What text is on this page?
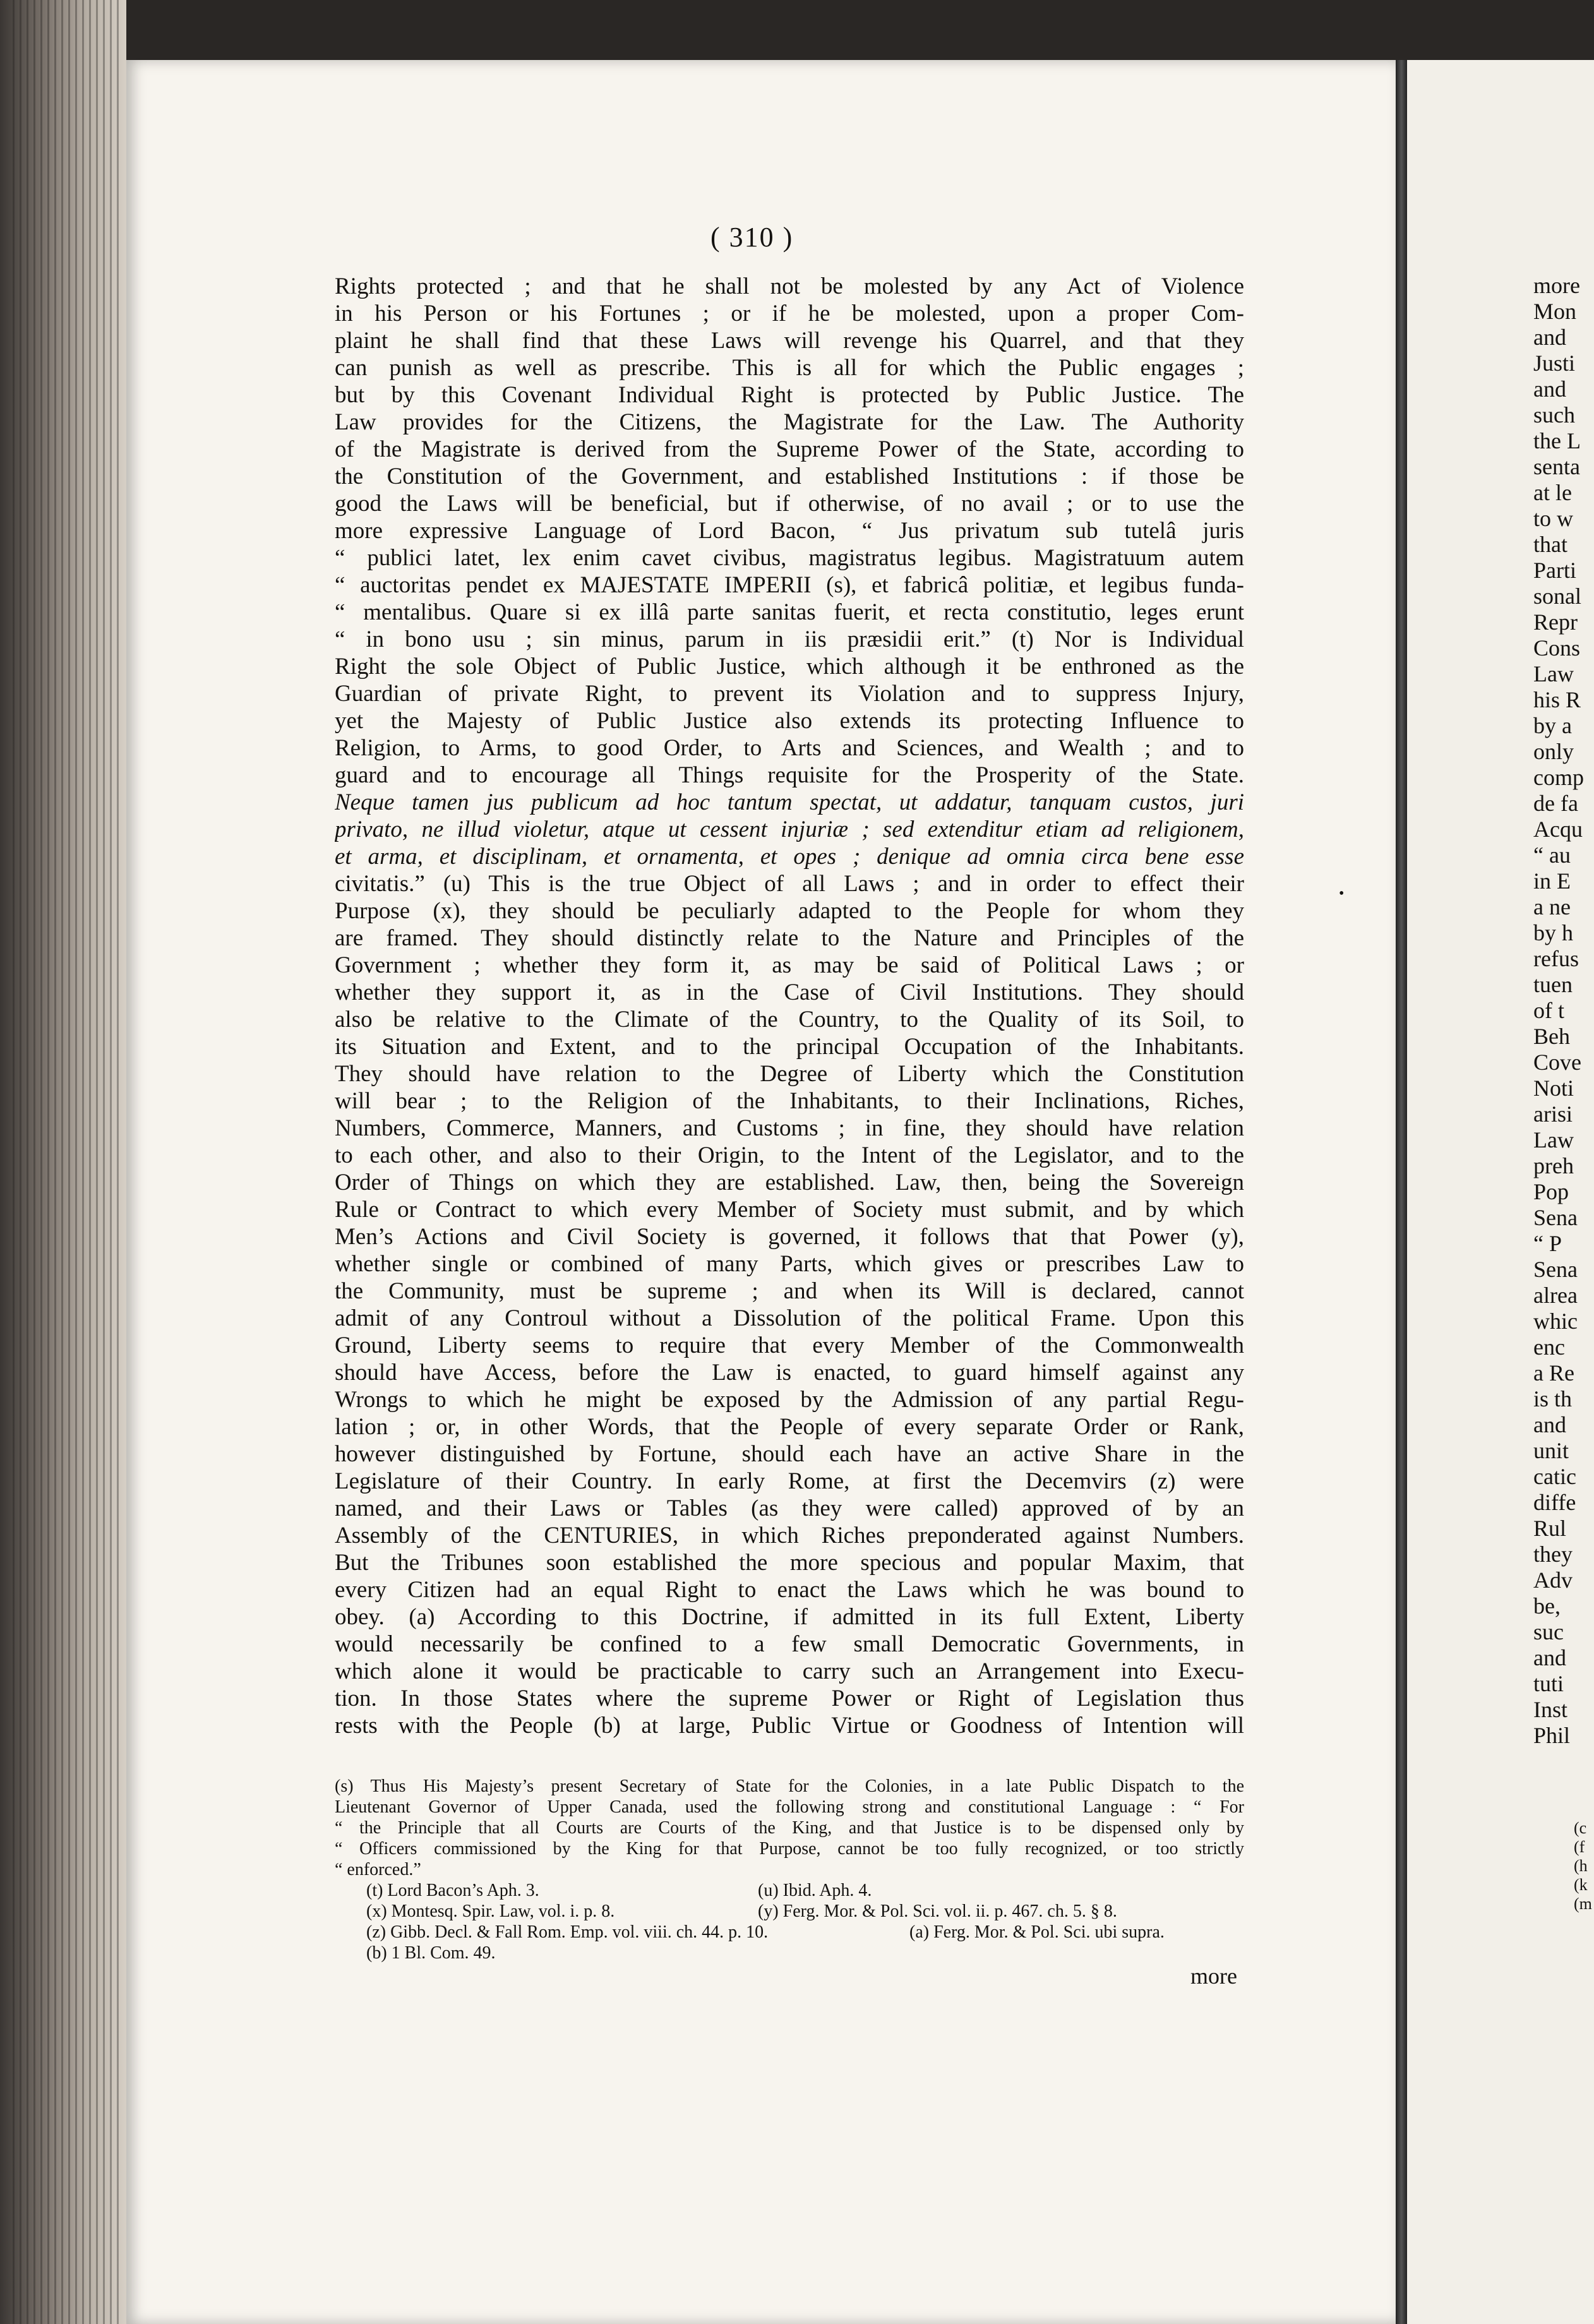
( 310 )
Rights protected ; and that he shall not be molested by any Act of Violence
in his Person or his Fortunes ; or if he be molested, upon a proper Com-
plaint he shall find that these Laws will revenge his Quarrel, and that they
can punish as well as prescribe. This is all for which the Public engages ;
but by this Covenant Individual Right is protected by Public Justice. The
Law provides for the Citizens, the Magistrate for the Law. The Authority
of the Magistrate is derived from the Supreme Power of the State, according to
the Constitution of the Government, and established Institutions : if those be
good the Laws will be beneficial, but if otherwise, of no avail ; or to use the
more expressive Language of Lord Bacon, “ Jus privatum sub tutelâ juris
“ publici latet, lex enim cavet civibus, magistratus legibus. Magistratuum autem
“ auctoritas pendet ex MAJESTATE IMPERII (s), et fabricâ politiæ, et legibus funda-
“ mentalibus. Quare si ex illâ parte sanitas fuerit, et recta constitutio, leges erunt
“ in bono usu ; sin minus, parum in iis præsidii erit.” (t) Nor is Individual
Right the sole Object of Public Justice, which although it be enthroned as the
Guardian of private Right, to prevent its Violation and to suppress Injury,
yet the Majesty of Public Justice also extends its protecting Influence to
Religion, to Arms, to good Order, to Arts and Sciences, and Wealth ; and to
guard and to encourage all Things requisite for the Prosperity of the State.
Neque tamen jus publicum ad hoc tantum spectat, ut addatur, tanquam custos, juri
privato, ne illud violetur, atque ut cessent injuriæ ; sed extenditur etiam ad religionem,
et arma, et disciplinam, et ornamenta, et opes ; denique ad omnia circa bene esse
civitatis.” (u) This is the true Object of all Laws ; and in order to effect their
Purpose (x), they should be peculiarly adapted to the People for whom they
are framed. They should distinctly relate to the Nature and Principles of the
Government ; whether they form it, as may be said of Political Laws ; or
whether they support it, as in the Case of Civil Institutions. They should
also be relative to the Climate of the Country, to the Quality of its Soil, to
its Situation and Extent, and to the principal Occupation of the Inhabitants.
They should have relation to the Degree of Liberty which the Constitution
will bear ; to the Religion of the Inhabitants, to their Inclinations, Riches,
Numbers, Commerce, Manners, and Customs ; in fine, they should have relation
to each other, and also to their Origin, to the Intent of the Legislator, and to the
Order of Things on which they are established. Law, then, being the Sovereign
Rule or Contract to which every Member of Society must submit, and by which
Men’s Actions and Civil Society is governed, it follows that that Power (y),
whether single or combined of many Parts, which gives or prescribes Law to
the Community, must be supreme ; and when its Will is declared, cannot
admit of any Controul without a Dissolution of the political Frame. Upon this
Ground, Liberty seems to require that every Member of the Commonwealth
should have Access, before the Law is enacted, to guard himself against any
Wrongs to which he might be exposed by the Admission of any partial Regu-
lation ; or, in other Words, that the People of every separate Order or Rank,
however distinguished by Fortune, should each have an active Share in the
Legislature of their Country. In early Rome, at first the Decemvirs (z) were
named, and their Laws or Tables (as they were called) approved of by an
Assembly of the CENTURIES, in which Riches preponderated against Numbers.
But the Tribunes soon established the more specious and popular Maxim, that
every Citizen had an equal Right to enact the Laws which he was bound to
obey. (a) According to this Doctrine, if admitted in its full Extent, Liberty
would necessarily be confined to a few small Democratic Governments, in
which alone it would be practicable to carry such an Arrangement into Execu-
tion. In those States where the supreme Power or Right of Legislation thus
rests with the People (b) at large, Public Virtue or Goodness of Intention will
(s) Thus His Majesty’s present Secretary of State for the Colonies, in a late Public Dispatch to the
Lieutenant Governor of Upper Canada, used the following strong and constitutional Language : “ For
“ the Principle that all Courts are Courts of the King, and that Justice is to be dispensed only by
“ Officers commissioned by the King for that Purpose, cannot be too fully recognized, or too strictly
“ enforced.”
(t) Lord Bacon’s Aph. 3.	(u) Ibid. Aph. 4.
(x) Montesq. Spir. Law, vol. i. p. 8.	(y) Ferg. Mor. & Pol. Sci. vol. ii. p. 467. ch. 5. § 8.
(z) Gibb. Decl. & Fall Rom. Emp. vol. viii. ch. 44. p. 10.	(a) Ferg. Mor. & Pol. Sci. ubi supra.
(b) 1 Bl. Com. 49.
more
more
Mon
and
Justi
and
such
the L
senta
at le
to w
that
Parti
sonal
Repr
Cons
Law
his R
by a
only
comp
de fa
Acqu
“ au
in E
a ne
by h
refus
tuen
of t
Beh
Cove
Noti
arisi
Law
preh
Pop
Sena
“ P
Sena
alrea
whic
enc
a Re
is th
and
unit
catic
diffe
Rul
they
Adv
be,
suc
and
tuti
Inst
Phil
(c
(f
(h
(k
(m
•
